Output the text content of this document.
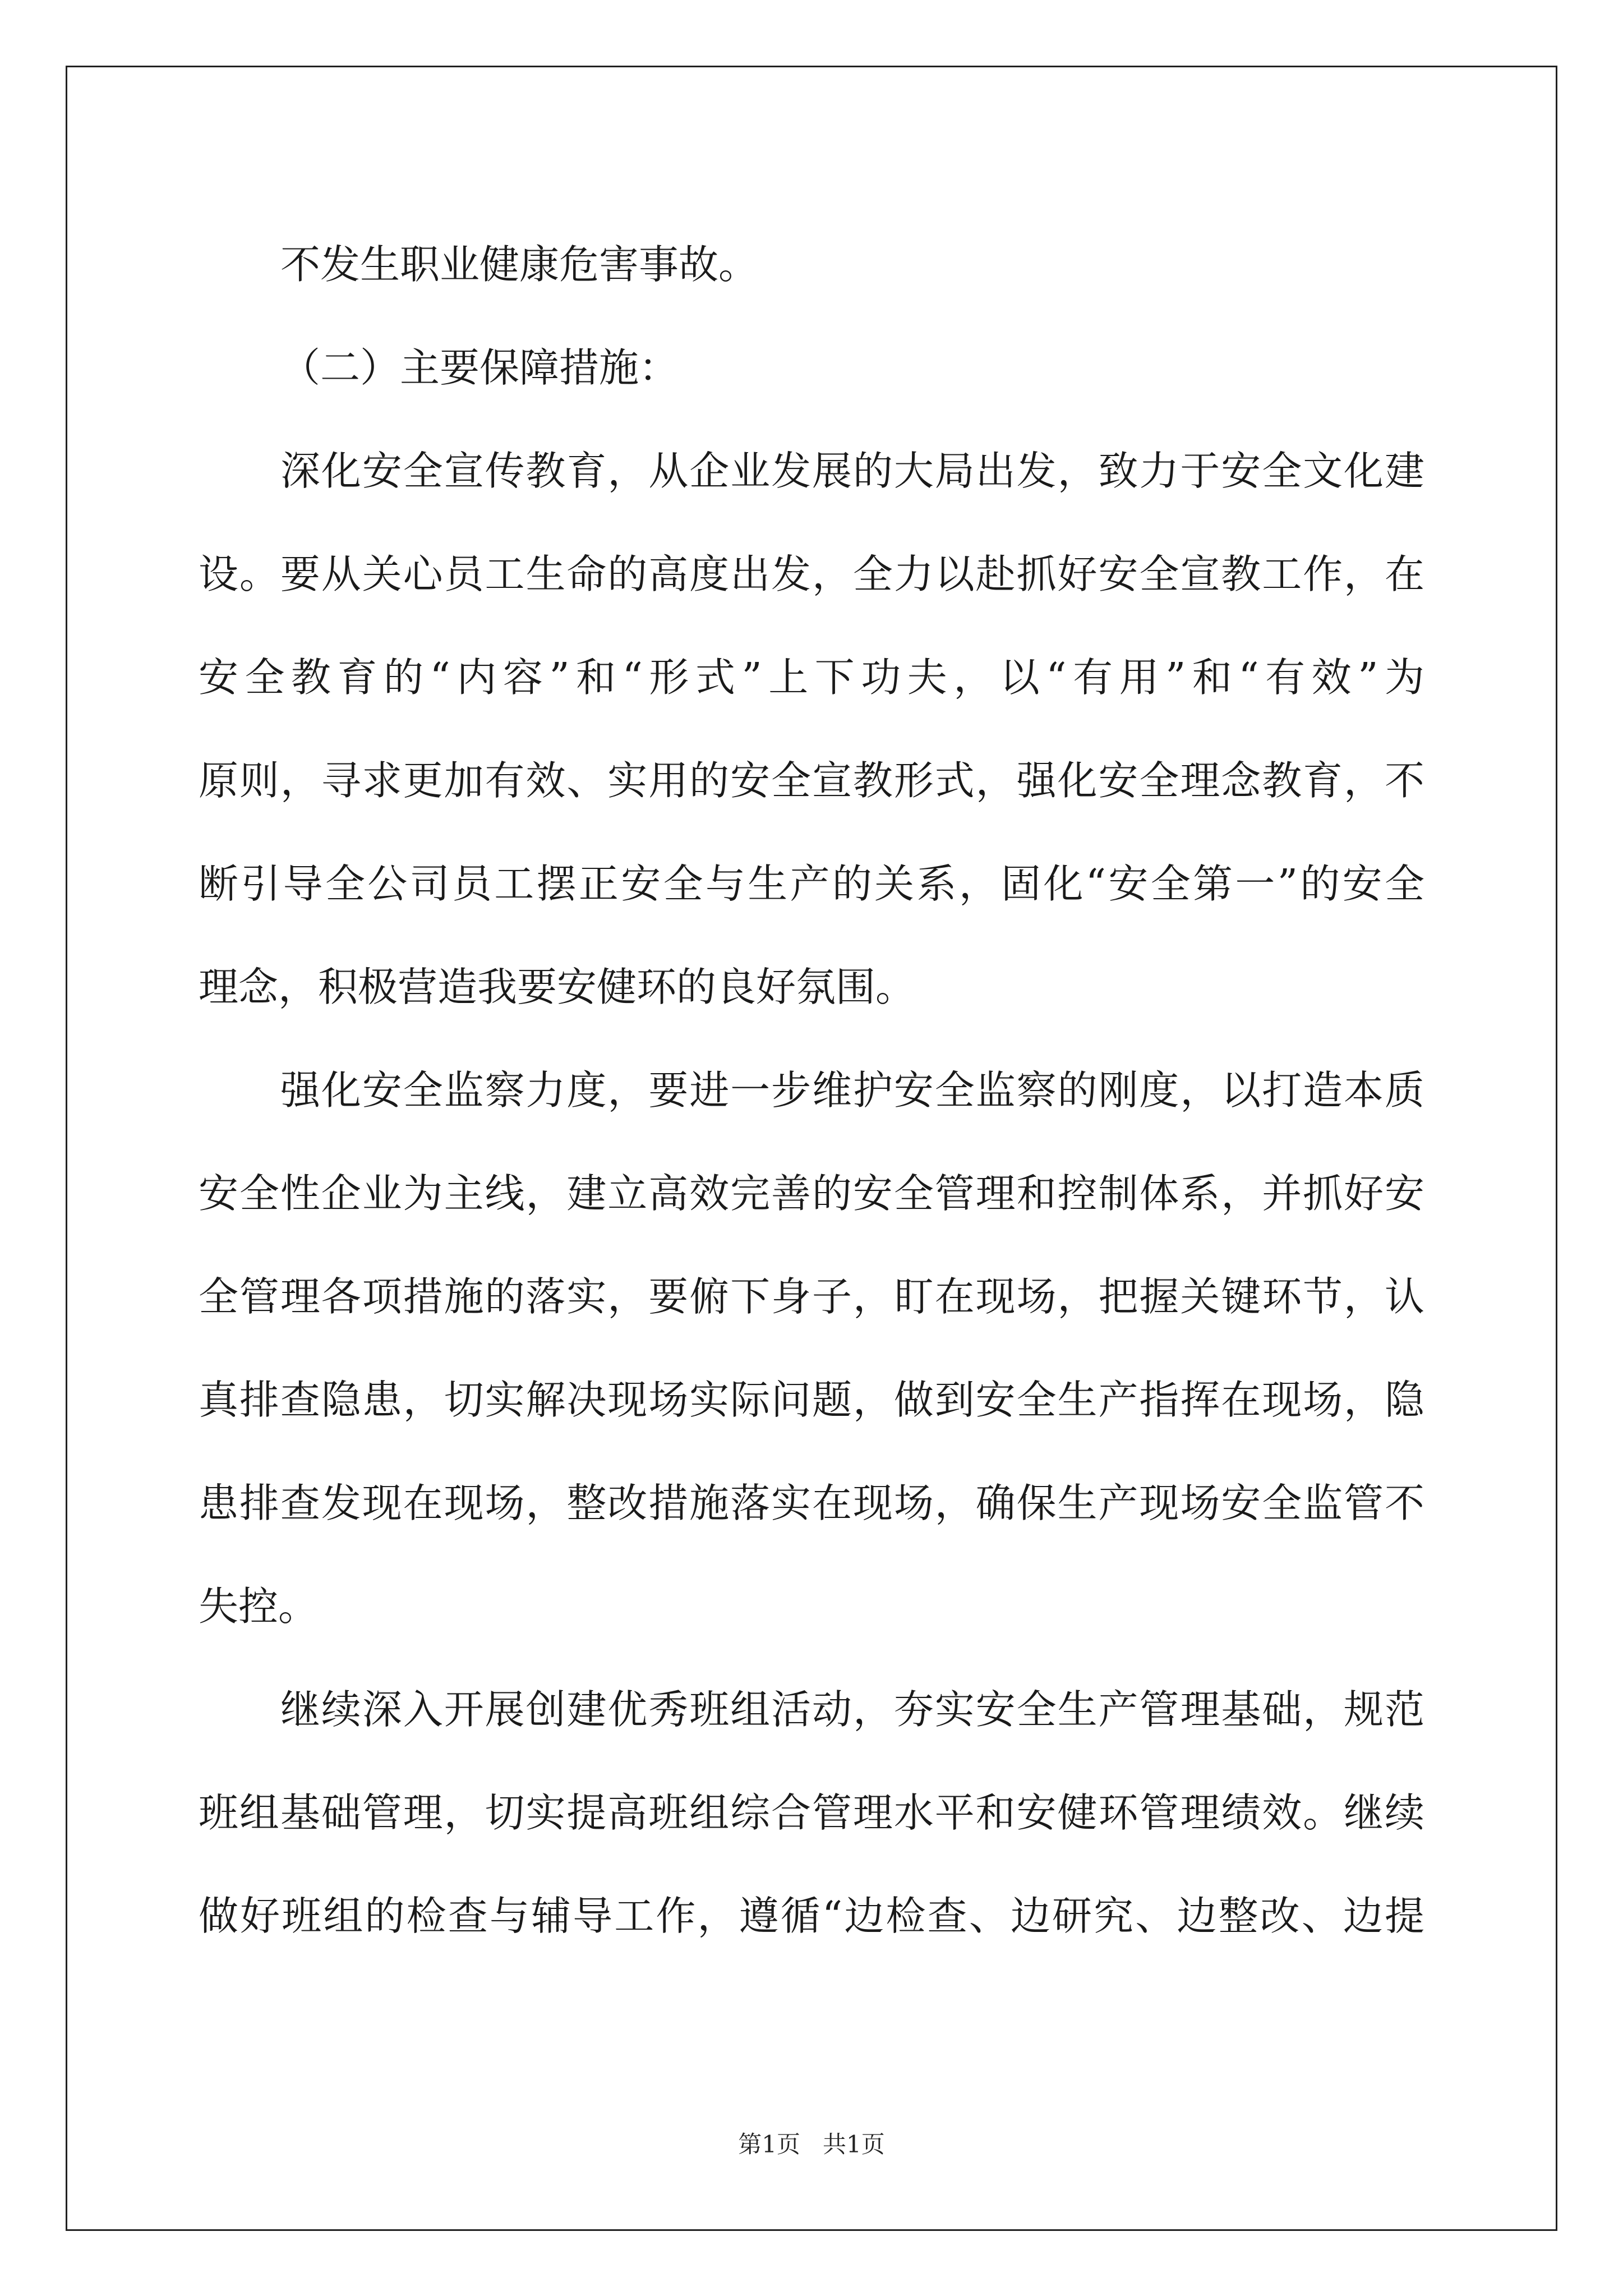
不发生职业健康危害事故。
（二）主要保障措施：
深化安全宣传教育，从企业发展的大局出发，致力于安全文化建
设。要从关心员工生命的高度出发，全力以赴抓好安全宣教工作，在
安全教育的“内容”和“形式”上下功夫，以“有用”和“有效”为
原则，寻求更加有效、实用的安全宣教形式，强化安全理念教育，不
断引导全公司员工摆正安全与生产的关系，固化“安全第一”的安全
理念，积极营造我要安健环的良好氛围。
强化安全监察力度，要进一步维护安全监察的刚度，以打造本质
安全性企业为主线，建立高效完善的安全管理和控制体系，并抓好安
全管理各项措施的落实，要俯下身子，盯在现场，把握关键环节，认
真排查隐患，切实解决现场实际问题，做到安全生产指挥在现场，隐
患排查发现在现场，整改措施落实在现场，确保生产现场安全监管不
失控。
继续深入开展创建优秀班组活动，夯实安全生产管理基础，规范
班组基础管理，切实提高班组综合管理水平和安健环管理绩效。继续
做好班组的检查与辅导工作，遵循“边检查、边研究、边整改、边提
第1页   共1页
